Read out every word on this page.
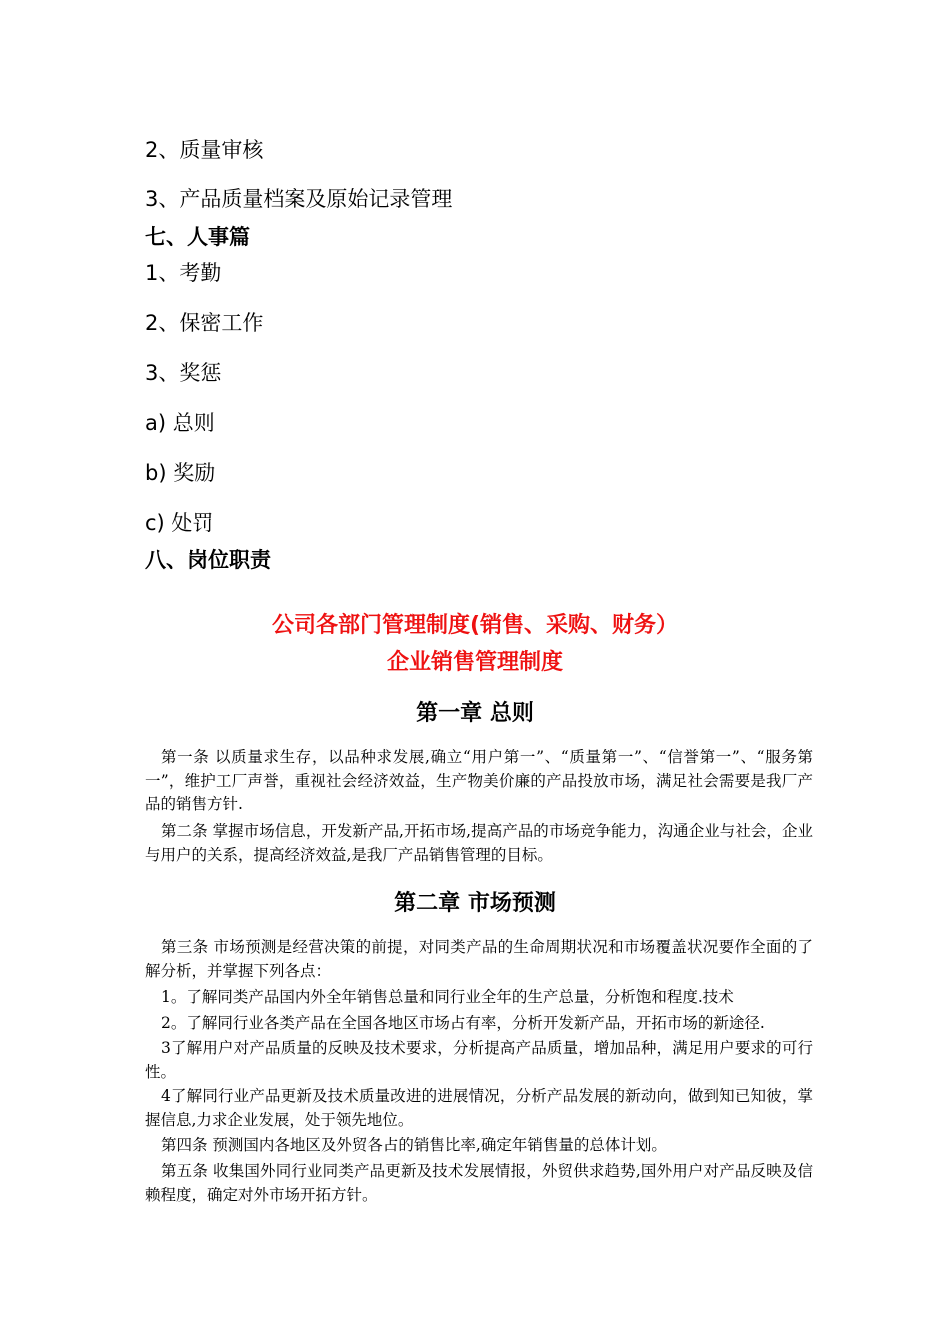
2、质量审核
3、产品质量档案及原始记录管理
七、人事篇
1、考勤
2、保密工作
3、奖惩
a) 总则
b) 奖励
c) 处罚
八、岗位职责
公司各部门管理制度(销售、采购、财务）
企业销售管理制度
第一章 总则
第一条 以质量求生存，以品种求发展,确立“用户第一”、“质量第一”、“信誉第一”、“服务第一”，维护工厂声誉，重视社会经济效益，生产物美价廉的产品投放市场，满足社会需要是我厂产品的销售方针.
第二条 掌握市场信息，开发新产品,开拓市场,提高产品的市场竞争能力，沟通企业与社会，企业与用户的关系，提高经济效益,是我厂产品销售管理的目标。
第二章 市场预测
第三条 市场预测是经营决策的前提，对同类产品的生命周期状况和市场覆盖状况要作全面的了解分析，并掌握下列各点：
1。了解同类产品国内外全年销售总量和同行业全年的生产总量，分析饱和程度.技术
2。了解同行业各类产品在全国各地区市场占有率，分析开发新产品，开拓市场的新途径.
3了解用户对产品质量的反映及技术要求，分析提高产品质量，增加品种，满足用户要求的可行性。
4了解同行业产品更新及技术质量改进的进展情况，分析产品发展的新动向，做到知已知彼，掌握信息,力求企业发展，处于领先地位。
第四条 预测国内各地区及外贸各占的销售比率,确定年销售量的总体计划。
第五条 收集国外同行业同类产品更新及技术发展情报，外贸供求趋势,国外用户对产品反映及信赖程度，确定对外市场开拓方针。
